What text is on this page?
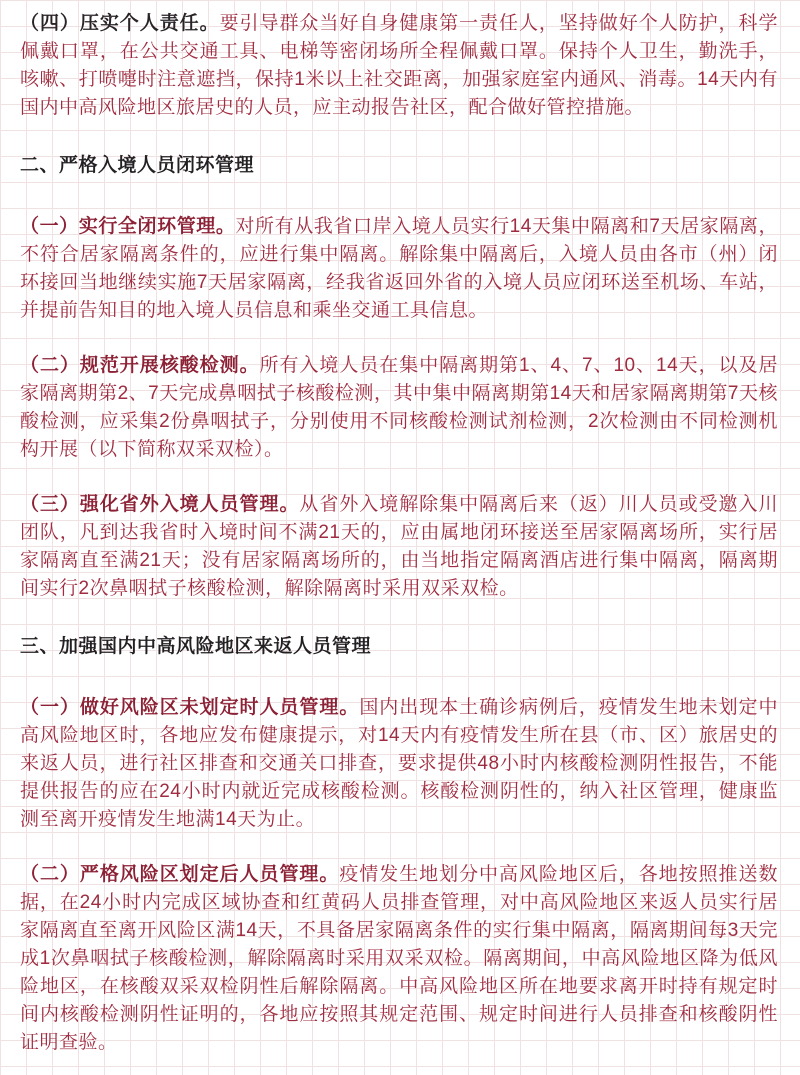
（四）压实个人责任。要引导群众当好自身健康第一责任人，坚持做好个人防护，科学佩戴口罩，在公共交通工具、电梯等密闭场所全程佩戴口罩。保持个人卫生，勤洗手，咳嗽、打喷嚏时注意遮挡，保持1米以上社交距离，加强家庭室内通风、消毒。14天内有国内中高风险地区旅居史的人员，应主动报告社区，配合做好管控措施。

二、严格入境人员闭环管理

（一）实行全闭环管理。对所有从我省口岸入境人员实行14天集中隔离和7天居家隔离，不符合居家隔离条件的，应进行集中隔离。解除集中隔离后，入境人员由各市（州）闭环接回当地继续实施7天居家隔离，经我省返回外省的入境人员应闭环送至机场、车站，并提前告知目的地入境人员信息和乘坐交通工具信息。

（二）规范开展核酸检测。所有入境人员在集中隔离期第1、4、7、10、14天，以及居家隔离期第2、7天完成鼻咽拭子核酸检测，其中集中隔离期第14天和居家隔离期第7天核酸检测，应采集2份鼻咽拭子，分别使用不同核酸检测试剂检测，2次检测由不同检测机构开展（以下简称双采双检）。

（三）强化省外入境人员管理。从省外入境解除集中隔离后来（返）川人员或受邀入川团队，凡到达我省时入境时间不满21天的，应由属地闭环接送至居家隔离场所，实行居家隔离直至满21天；没有居家隔离场所的，由当地指定隔离酒店进行集中隔离，隔离期间实行2次鼻咽拭子核酸检测，解除隔离时采用双采双检。

三、加强国内中高风险地区来返人员管理

（一）做好风险区未划定时人员管理。国内出现本土确诊病例后，疫情发生地未划定中高风险地区时，各地应发布健康提示，对14天内有疫情发生所在县（市、区）旅居史的来返人员，进行社区排查和交通关口排查，要求提供48小时内核酸检测阴性报告，不能提供报告的应在24小时内就近完成核酸检测。核酸检测阴性的，纳入社区管理，健康监测至离开疫情发生地满14天为止。

（二）严格风险区划定后人员管理。疫情发生地划分中高风险地区后，各地按照推送数据，在24小时内完成区域协查和红黄码人员排查管理，对中高风险地区来返人员实行居家隔离直至离开风险区满14天，不具备居家隔离条件的实行集中隔离，隔离期间每3天完成1次鼻咽拭子核酸检测，解除隔离时采用双采双检。隔离期间，中高风险地区降为低风险地区，在核酸双采双检阴性后解除隔离。中高风险地区所在地要求离开时持有规定时间内核酸检测阴性证明的，各地应按照其规定范围、规定时间进行人员排查和核酸阴性证明查验。
